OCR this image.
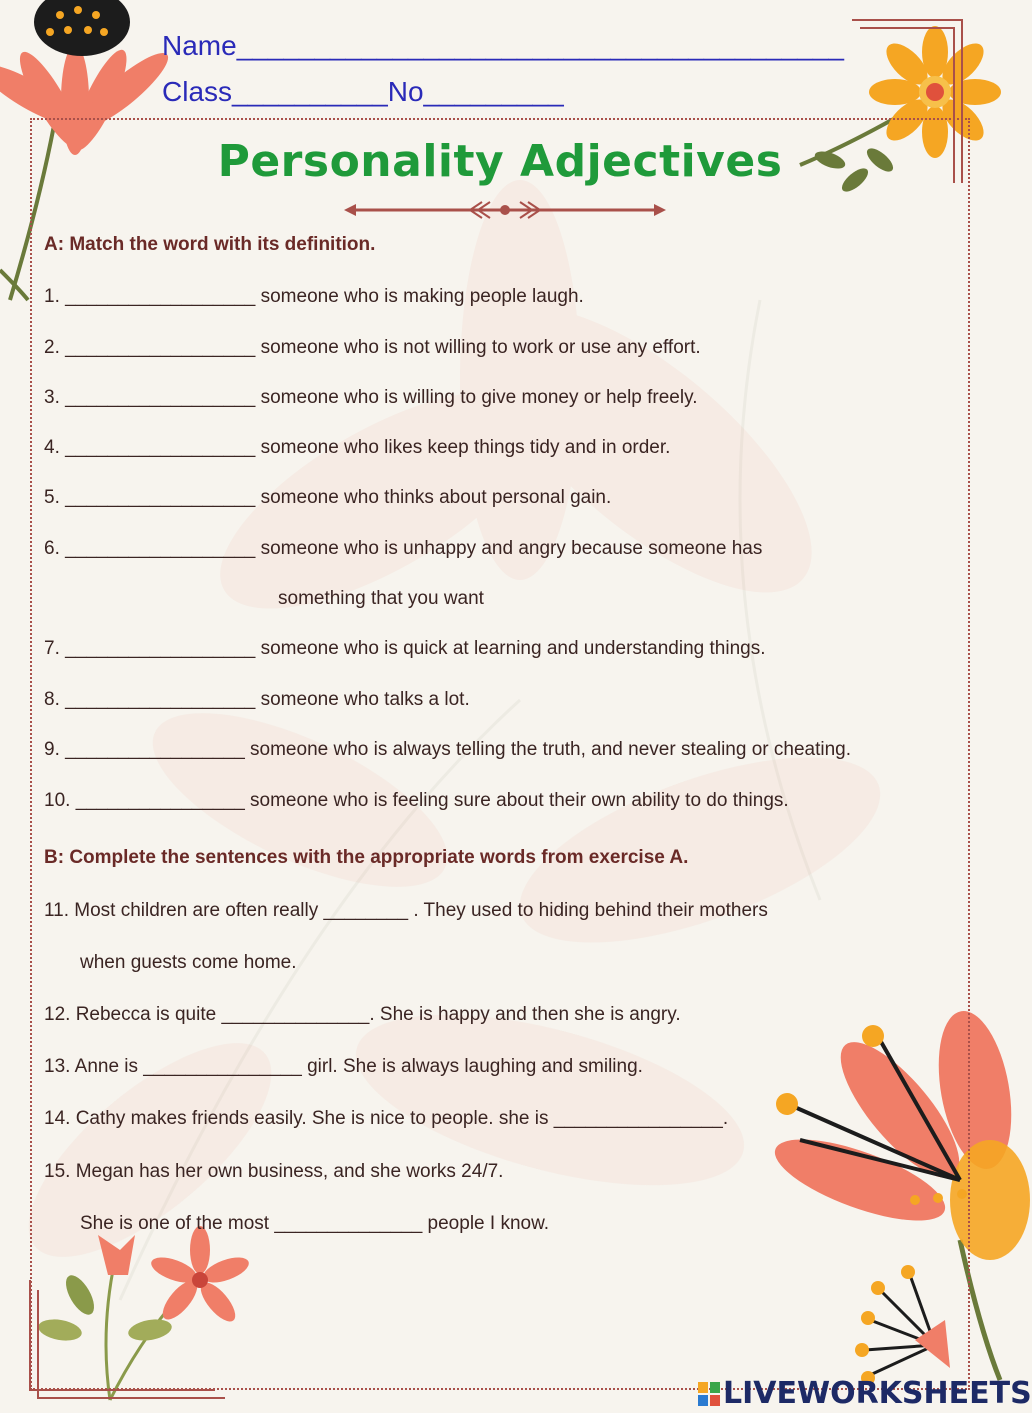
Name_______________________________________
Class__________No_________
Personality Adjectives
A: Match the word with its definition.
1. __________________ someone who is making people laugh.
2. __________________ someone who is not willing to work or use any effort.
3. __________________ someone who is willing to give money or help freely.
4. __________________ someone who likes keep things tidy and in order.
5. __________________ someone who thinks about personal gain.
6. __________________ someone who is unhappy and angry because someone has
something that you want
7. __________________ someone who is quick at learning and understanding things.
8. __________________ someone who talks a lot.
9. _________________ someone who is always telling the truth, and never stealing or cheating.
10. ________________ someone who is feeling sure about their own ability to do things.
B: Complete the sentences with the appropriate words from exercise A.
11. Most children are often really ________ . They used to hiding behind their mothers
when guests come home.
12. Rebecca is quite ______________. She is happy and then she is angry.
13. Anne is _______________ girl. She is always laughing and smiling.
14. Cathy makes friends easily. She is nice to people. she is ________________.
15. Megan has her own business, and she works 24/7.
She is one of the most ______________ people I know.
LIVEWORKSHEETS
